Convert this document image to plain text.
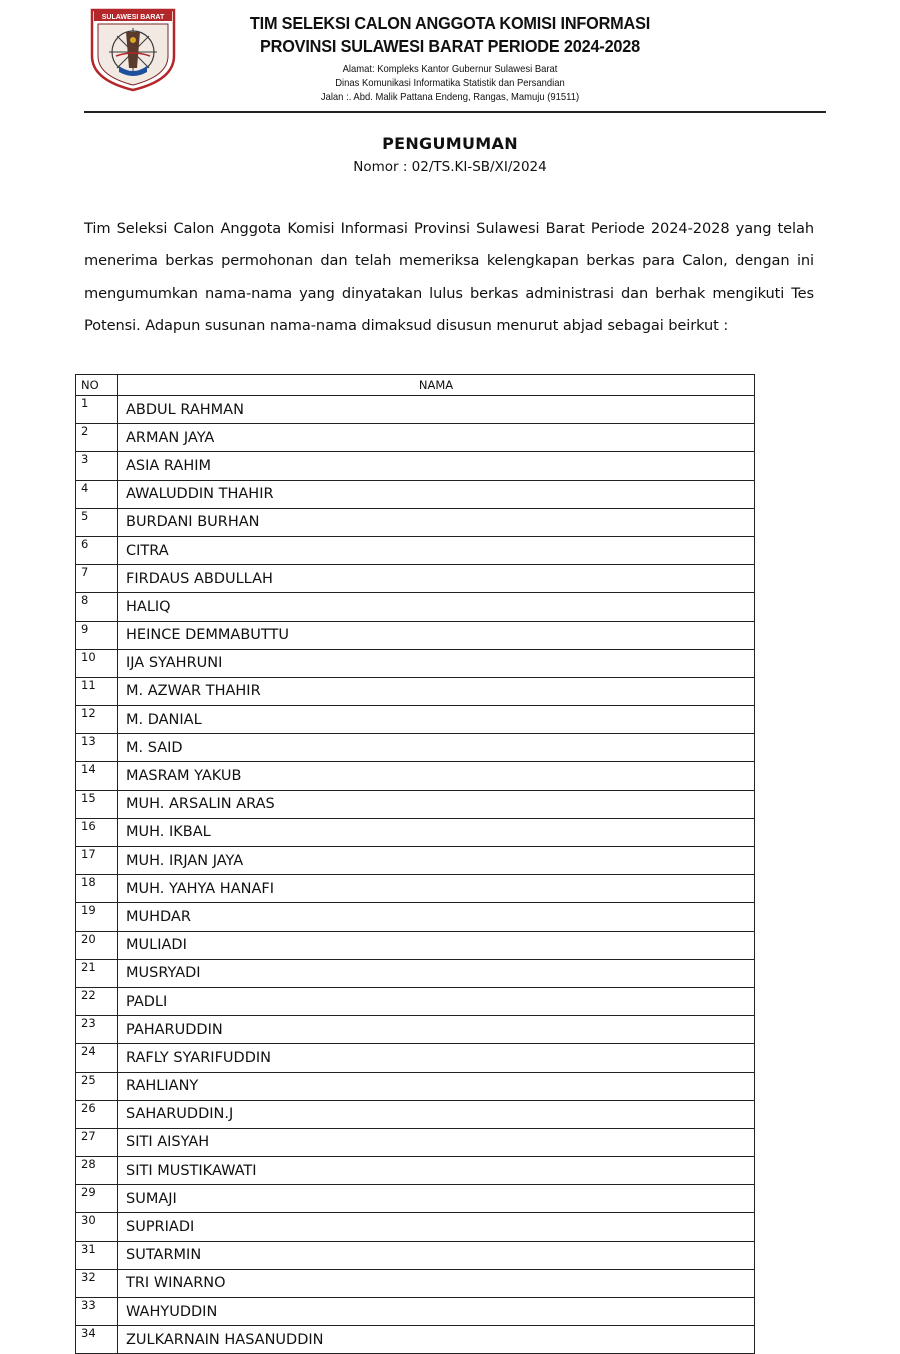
SULAWESI BARAT	TIM SELEKSI CALON ANGGOTA KOMISI INFORMASI
PROVINSI SULAWESI BARAT PERIODE 2024-2028
Alamat: Kompleks Kantor Gubernur Sulawesi Barat
Dinas Komunikasi Informatika Statistik dan Persandian
Jalan :. Abd. Malik Pattana Endeng, Rangas, Mamuju (91511)
PENGUMUMAN
Nomor : 02/TS.KI-SB/XI/2024
Tim Seleksi Calon Anggota Komisi Informasi Provinsi Sulawesi Barat Periode 2024-2028 yang telah menerima berkas permohonan dan telah memeriksa kelengkapan berkas para Calon, dengan ini mengumumkan nama-nama yang dinyatakan lulus berkas administrasi dan berhak mengikuti Tes Potensi. Adapun susunan nama-nama dimaksud disusun menurut abjad sebagai beirkut :
NO	NAMA
1	ABDUL RAHMAN
2	ARMAN JAYA
3	ASIA RAHIM
4	AWALUDDIN THAHIR
5	BURDANI BURHAN
6	CITRA
7	FIRDAUS ABDULLAH
8	HALIQ
9	HEINCE DEMMABUTTU
10	IJA SYAHRUNI
11	M. AZWAR THAHIR
12	M. DANIAL
13	M. SAID
14	MASRAM YAKUB
15	MUH. ARSALIN ARAS
16	MUH. IKBAL
17	MUH. IRJAN JAYA
18	MUH. YAHYA HANAFI
19	MUHDAR
20	MULIADI
21	MUSRYADI
22	PADLI
23	PAHARUDDIN
24	RAFLY SYARIFUDDIN
25	RAHLIANY
26	SAHARUDDIN.J
27	SITI AISYAH
28	SITI MUSTIKAWATI
29	SUMAJI
30	SUPRIADI
31	SUTARMIN
32	TRI WINARNO
33	WAHYUDDIN
34	ZULKARNAIN HASANUDDIN
